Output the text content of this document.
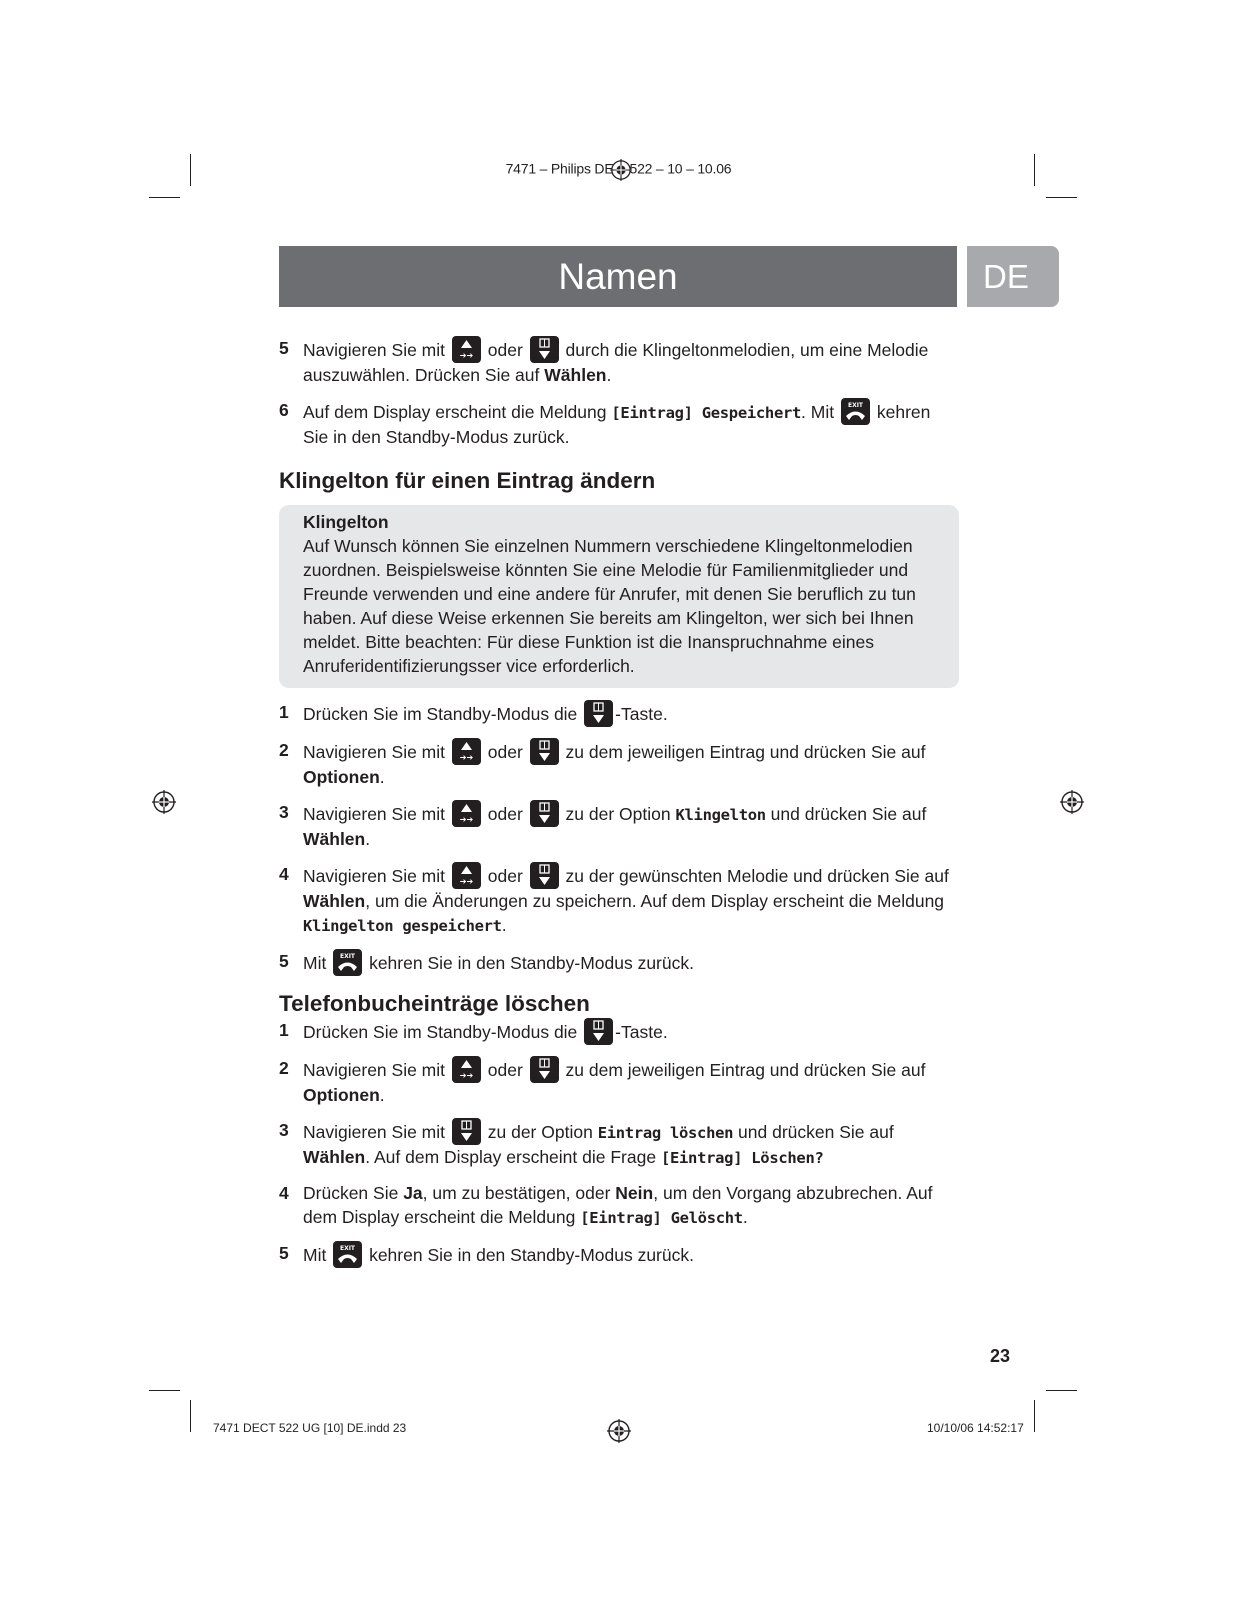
7471 – Philips DE 522 – 10 – 10.06
Namen	DE
5 Navigieren Sie mit ➔➔ oder durch die Klingeltonmelodien, um eine Melodie auszuwählen. Drücken Sie auf Wählen.
6 Auf dem Display erscheint die Meldung [Eintrag] Gespeichert. Mit EXIT kehren Sie in den Standby-Modus zurück.
Klingelton für einen Eintrag ändern
Klingelton
Auf Wunsch können Sie einzelnen Nummern verschiedene Klingeltonmelodien zuordnen. Beispielsweise könnten Sie eine Melodie für Familienmitglieder und Freunde verwenden und eine andere für Anrufer, mit denen Sie beruflich zu tun haben. Auf diese Weise erkennen Sie bereits am Klingelton, wer sich bei Ihnen meldet. Bitte beachten: Für diese Funktion ist die Inanspruchnahme eines Anruferidentifizierungsser vice erforderlich.
1 Drücken Sie im Standby-Modus die -Taste.
2 Navigieren Sie mit ➔➔ oder zu dem jeweiligen Eintrag und drücken Sie auf Optionen.
3 Navigieren Sie mit ➔➔ oder zu der Option Klingelton und drücken Sie auf Wählen.
4 Navigieren Sie mit ➔➔ oder zu der gewünschten Melodie und drücken Sie auf Wählen, um die Änderungen zu speichern. Auf dem Display erscheint die Meldung Klingelton gespeichert.
5 Mit EXIT kehren Sie in den Standby-Modus zurück.
Telefonbucheinträge löschen
1 Drücken Sie im Standby-Modus die -Taste.
2 Navigieren Sie mit ➔➔ oder zu dem jeweiligen Eintrag und drücken Sie auf Optionen.
3 Navigieren Sie mit zu der Option Eintrag löschen und drücken Sie auf Wählen. Auf dem Display erscheint die Frage [Eintrag] Löschen?
4 Drücken Sie Ja, um zu bestätigen, oder Nein, um den Vorgang abzubrechen. Auf dem Display erscheint die Meldung [Eintrag] Gelöscht.
5 Mit EXIT kehren Sie in den Standby-Modus zurück.
23
7471 DECT 522 UG [10] DE.indd 23	10/10/06 14:52:17
